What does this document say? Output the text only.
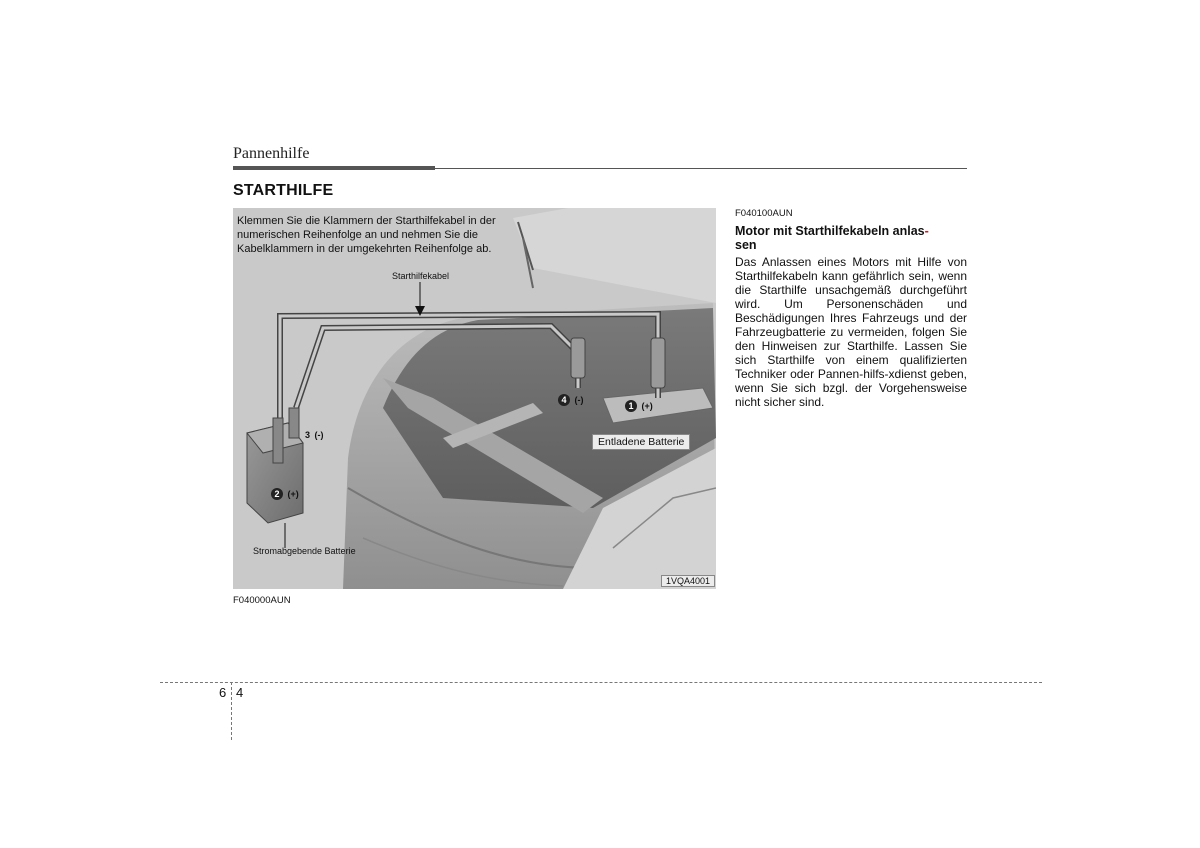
Pannenhilfe
STARTHILFE
Klemmen Sie die Klammern der Starthilfekabel in der numerischen Reihenfolge an und nehmen Sie die Kabelklammern in der umgekehrten Reihenfolge ab.
Starthilfekabel
Stromabgebende Batterie
Entladene Batterie
1 (+)
2 (+)
3 (-)
4 (-)
1VQA4001
F040000AUN
F040100AUN
Motor mit Starthilfekabeln anlas-
sen
Das Anlassen eines Motors mit Hilfe von Starthilfekabeln kann gefährlich sein, wenn die Starthilfe unsachgemäß durchgeführt wird. Um Personenschäden und Beschädigungen Ihres Fahrzeugs und der Fahrzeugbatterie zu vermeiden, folgen Sie den Hinweisen zur Starthilfe. Lassen Sie sich Starthilfe von einem qualifizierten Techniker oder Pannen-hilfs-xdienst geben, wenn Sie sich bzgl. der Vorgehensweise nicht sicher sind.
6 4
